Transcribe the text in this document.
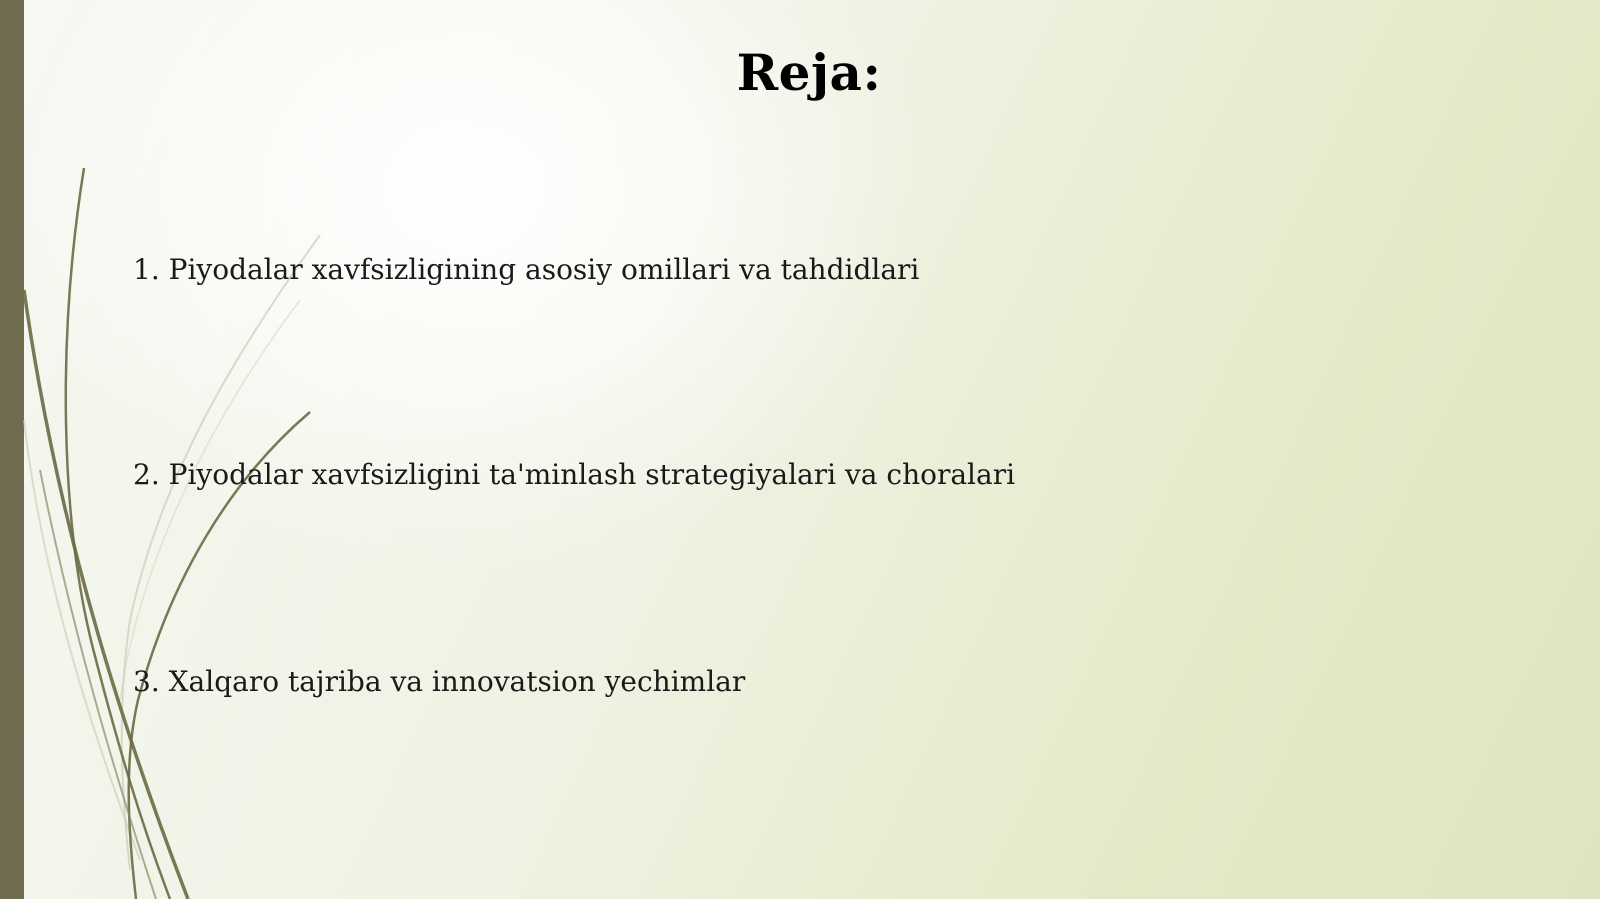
Reja:

1. Piyodalar xavfsizligining asosiy omillari va tahdidlari

2. Piyodalar xavfsizligini ta'minlash strategiyalari va choralari

3. Xalqaro tajriba va innovatsion yechimlar
